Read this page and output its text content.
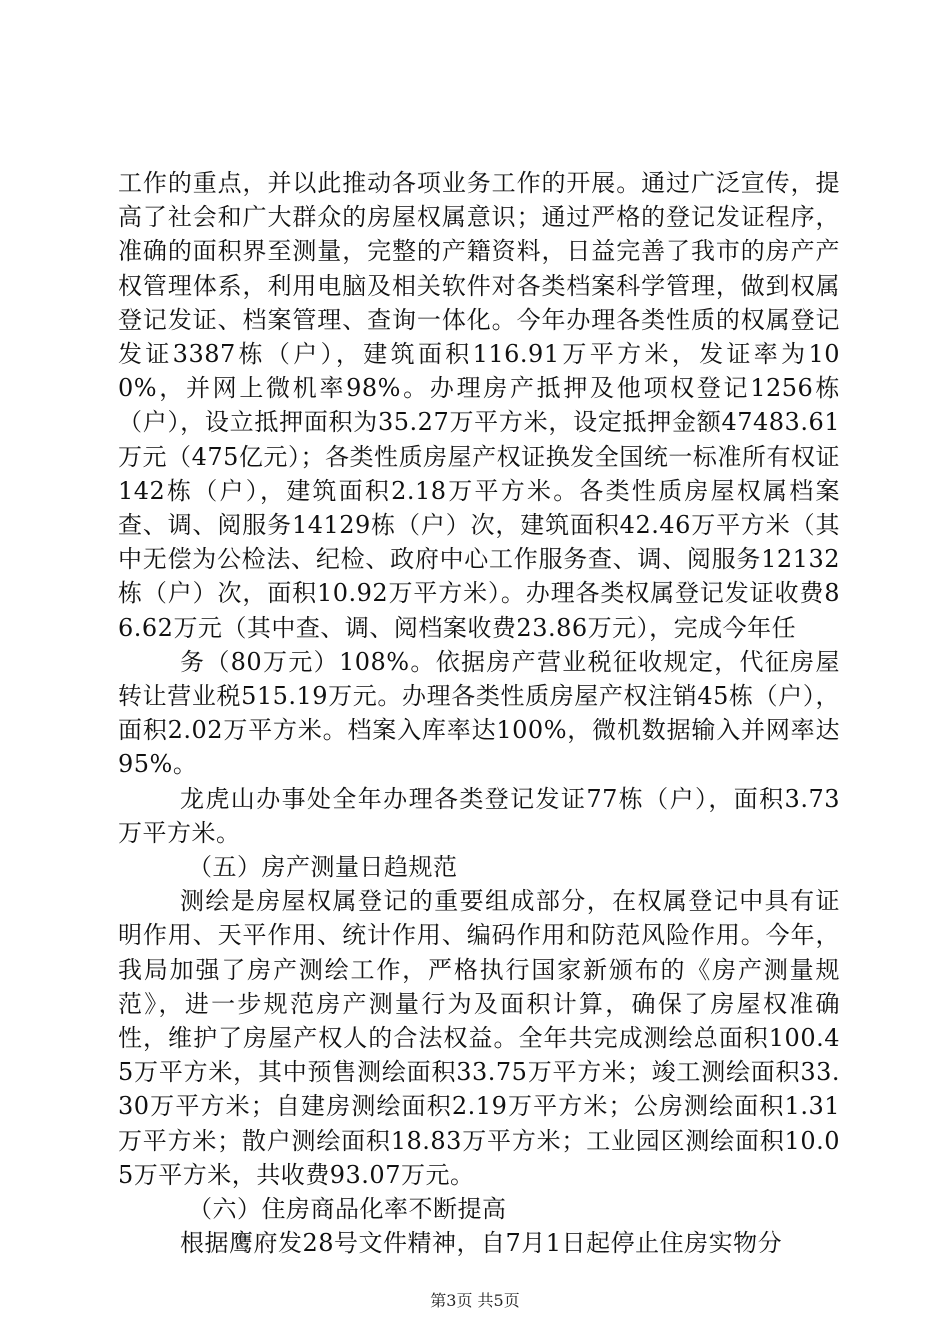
工作的重点，并以此推动各项业务工作的开展。通过广泛宣传，提高了社会和广大群众的房屋权属意识；通过严格的登记发证程序，准确的面积界至测量，完整的产籍资料，日益完善了我市的房产产权管理体系，利用电脑及相关软件对各类档案科学管理，做到权属登记发证、档案管理、查询一体化。今年办理各类性质的权属登记发证3387栋（户），建筑面积116.91万平方米，发证率为100%，并网上微机率98%。办理房产抵押及他项权登记1256栋（户），设立抵押面积为35.27万平方米，设定抵押金额47483.61万元（475亿元）；各类性质房屋产权证换发全国统一标准所有权证142栋（户），建筑面积2.18万平方米。各类性质房屋权属档案查、调、阅服务14129栋（户）次，建筑面积42.46万平方米（其中无偿为公检法、纪检、政府中心工作服务查、调、阅服务12132栋（户）次，面积10.92万平方米）。办理各类权属登记发证收费86.62万元（其中查、调、阅档案收费23.86万元），完成今年任

务（80万元）108%。依据房产营业税征收规定，代征房屋转让营业税515.19万元。办理各类性质房屋产权注销45栋（户），面积2.02万平方米。档案入库率达100%，微机数据输入并网率达95%。

龙虎山办事处全年办理各类登记发证77栋（户），面积3.73万平方米。

（五）房产测量日趋规范

测绘是房屋权属登记的重要组成部分，在权属登记中具有证明作用、天平作用、统计作用、编码作用和防范风险作用。今年，我局加强了房产测绘工作，严格执行国家新颁布的《房产测量规范》，进一步规范房产测量行为及面积计算，确保了房屋权准确性，维护了房屋产权人的合法权益。全年共完成测绘总面积100.45万平方米，其中预售测绘面积33.75万平方米；竣工测绘面积33.30万平方米；自建房测绘面积2.19万平方米；公房测绘面积1.31万平方米；散户测绘面积18.83万平方米；工业园区测绘面积10.05万平方米，共收费93.07万元。

（六）住房商品化率不断提高

根据鹰府发28号文件精神，自7月1日起停止住房实物分

第3页 共5页
